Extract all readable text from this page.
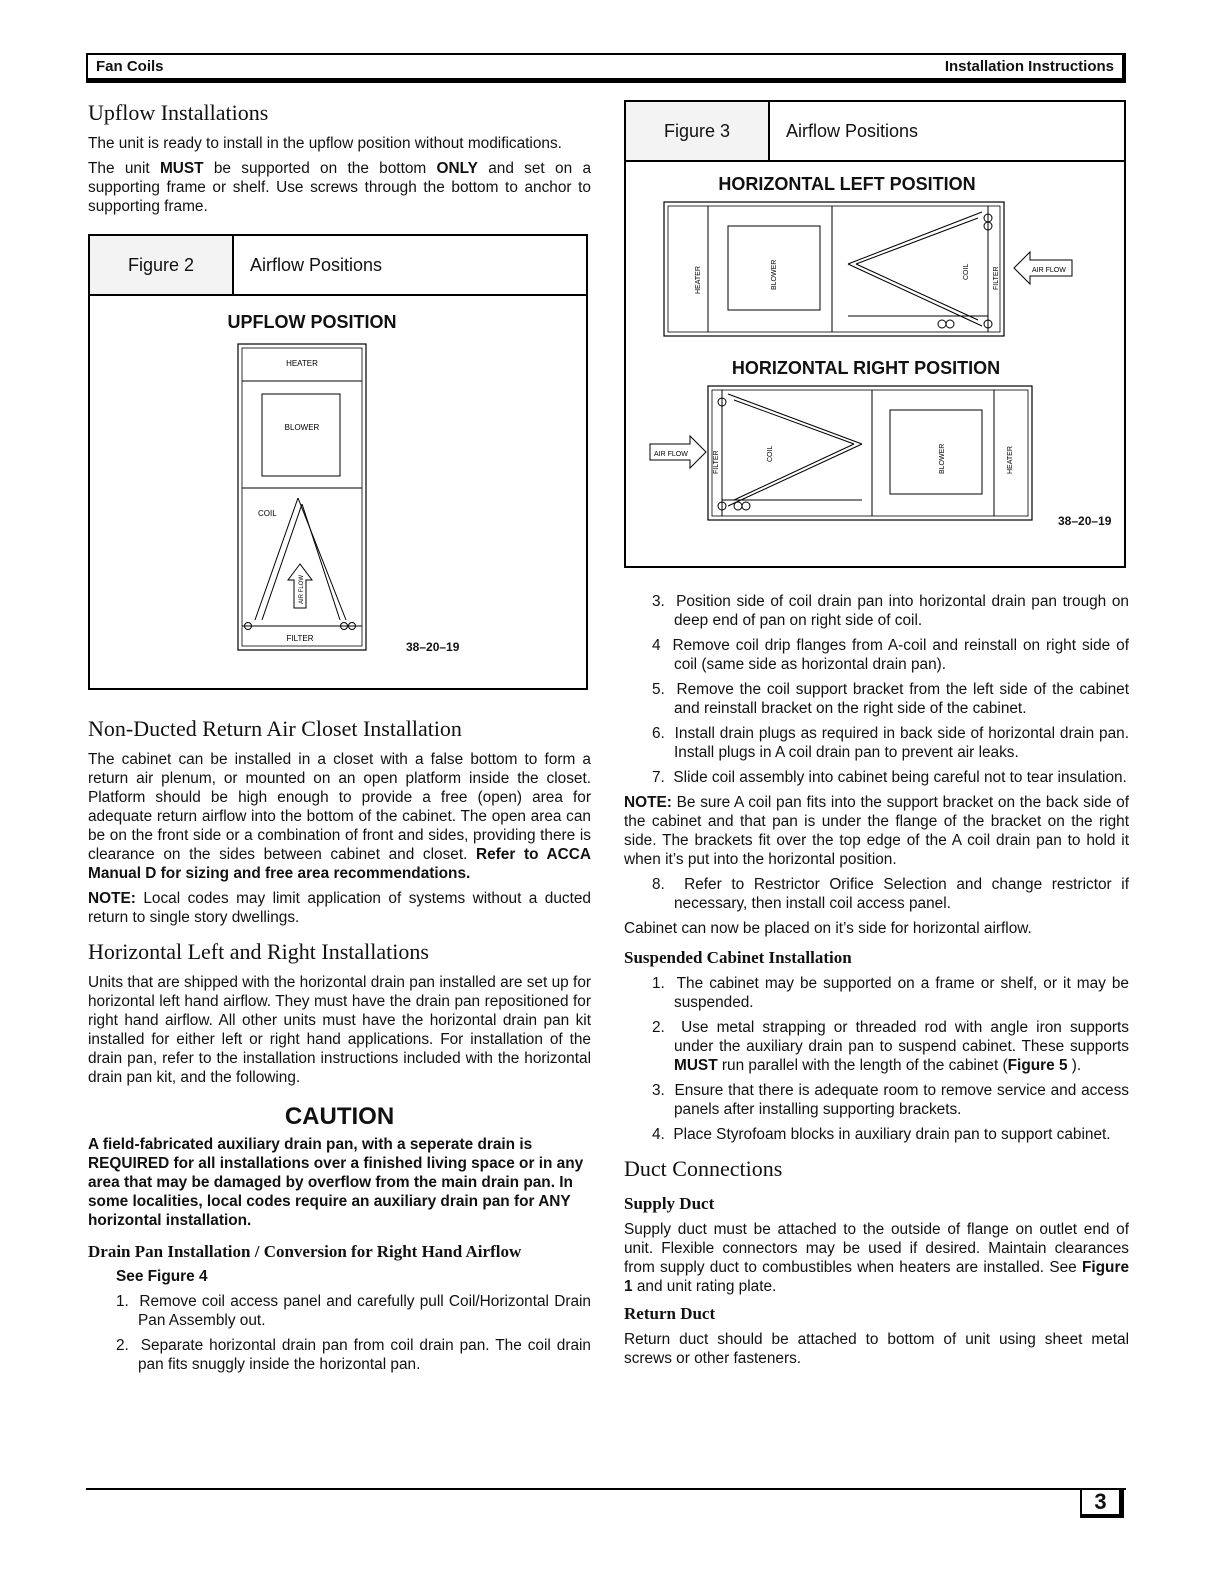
Fan Coils	Installation Instructions
Upflow Installations

The unit is ready to install in the upflow position without modifications.

The unit MUST be supported on the bottom ONLY and set on a supporting frame or shelf. Use screws through the bottom to anchor to supporting frame.

Figure 2	Airflow Positions
UPFLOW POSITION
HEATER
BLOWER
COIL
AIR FLOW
FILTER
38–20–19
Non-Ducted Return Air Closet Installation

The cabinet can be installed in a closet with a false bottom to form a return air plenum, or mounted on an open platform inside the closet. Platform should be high enough to provide a free (open) area for adequate return airflow into the bottom of the cabinet. The open area can be on the front side or a combination of front and sides, providing there is clearance on the sides between cabinet and closet. Refer to ACCA Manual D for sizing and free area recommendations.

NOTE: Local codes may limit application of systems without a ducted return to single story dwellings.

Horizontal Left and Right Installations

Units that are shipped with the horizontal drain pan installed are set up for horizontal left hand airflow. They must have the drain pan repositioned for right hand airflow. All other units must have the horizontal drain pan kit installed for either left or right hand applications. For installation of the drain pan, refer to the installation instructions included with the horizontal drain pan kit, and the following.

CAUTION
A field-fabricated auxiliary drain pan, with a seperate drain is REQUIRED for all installations over a finished living space or in any area that may be damaged by overflow from the main drain pan. In some localities, local codes require an auxiliary drain pan for ANY horizontal installation.
Drain Pan Installation / Conversion for Right Hand Airflow
See Figure 4
1. Remove coil access panel and carefully pull Coil/Horizontal Drain Pan Assembly out.
2. Separate horizontal drain pan from coil drain pan. The coil drain pan fits snuggly inside the horizontal pan.
Figure 3	Airflow Positions
HORIZONTAL LEFT POSITION
HEATER	BLOWER	COIL	FILTER	AIR FLOW
HORIZONTAL RIGHT POSITION
FILTER	COIL	BLOWER	HEATER
AIR FLOW
38–20–19
3. Position side of coil drain pan into horizontal drain pan trough on deep end of pan on right side of coil.
4 Remove coil drip flanges from A-coil and reinstall on right side of coil (same side as horizontal drain pan).
5. Remove the coil support bracket from the left side of the cabinet and reinstall bracket on the right side of the cabinet.
6. Install drain plugs as required in back side of horizontal drain pan. Install plugs in A coil drain pan to prevent air leaks.
7. Slide coil assembly into cabinet being careful not to tear insulation.

NOTE: Be sure A coil pan fits into the support bracket on the back side of the cabinet and that pan is under the flange of the bracket on the right side. The brackets fit over the top edge of the A coil drain pan to hold it when it’s put into the horizontal position.

8. Refer to Restrictor Orifice Selection and change restrictor if necessary, then install coil access panel.

Cabinet can now be placed on it’s side for horizontal airflow.

Suspended Cabinet Installation
1. The cabinet may be supported on a frame or shelf, or it may be suspended.
2. Use metal strapping or threaded rod with angle iron supports under the auxiliary drain pan to suspend cabinet. These supports MUST run parallel with the length of the cabinet (Figure 5 ).
3. Ensure that there is adequate room to remove service and access panels after installing supporting brackets.
4. Place Styrofoam blocks in auxiliary drain pan to support cabinet.
Duct Connections
Supply Duct

Supply duct must be attached to the outside of flange on outlet end of unit. Flexible connectors may be used if desired. Maintain clearances from supply duct to combustibles when heaters are installed. See Figure 1 and unit rating plate.

Return Duct

Return duct should be attached to bottom of unit using sheet metal screws or other fasteners.

3
